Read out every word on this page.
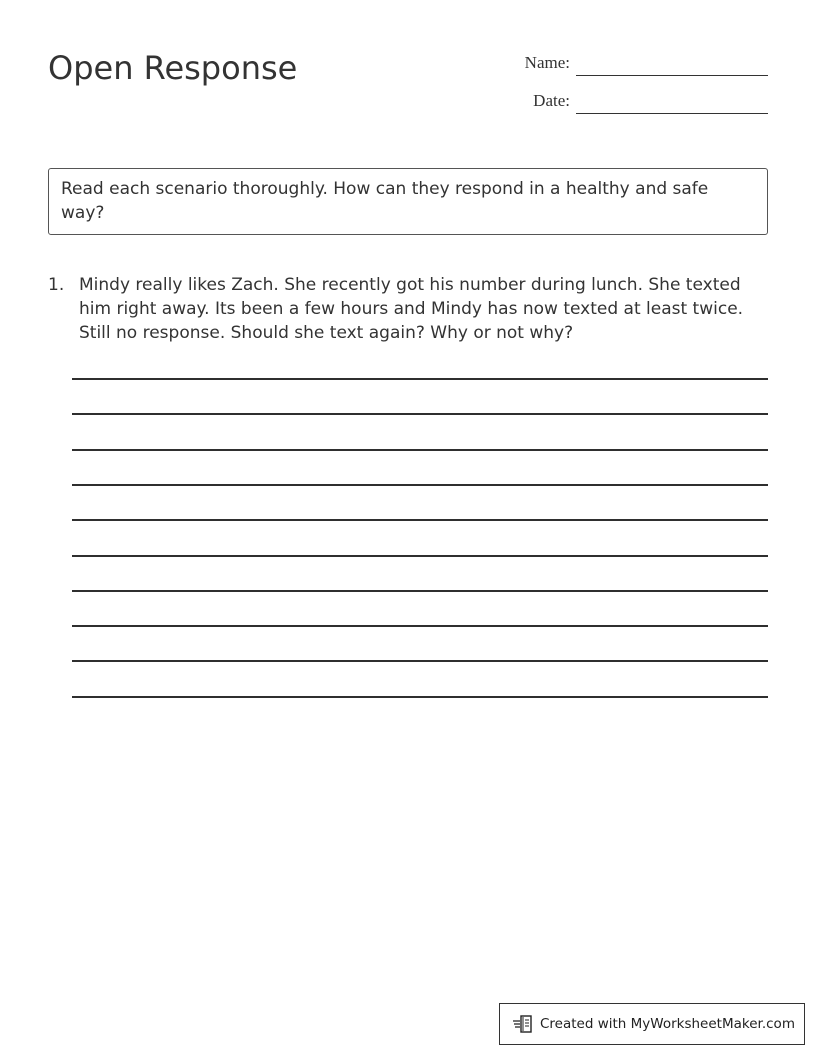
Open Response	Name:
Date:
Read each scenario thoroughly. How can they respond in a healthy and safe way?
1. Mindy really likes Zach. She recently got his number during lunch. She texted him right away. Its been a few hours and Mindy has now texted at least twice. Still no response. Should she text again? Why or not why?
Created with MyWorksheetMaker.com
